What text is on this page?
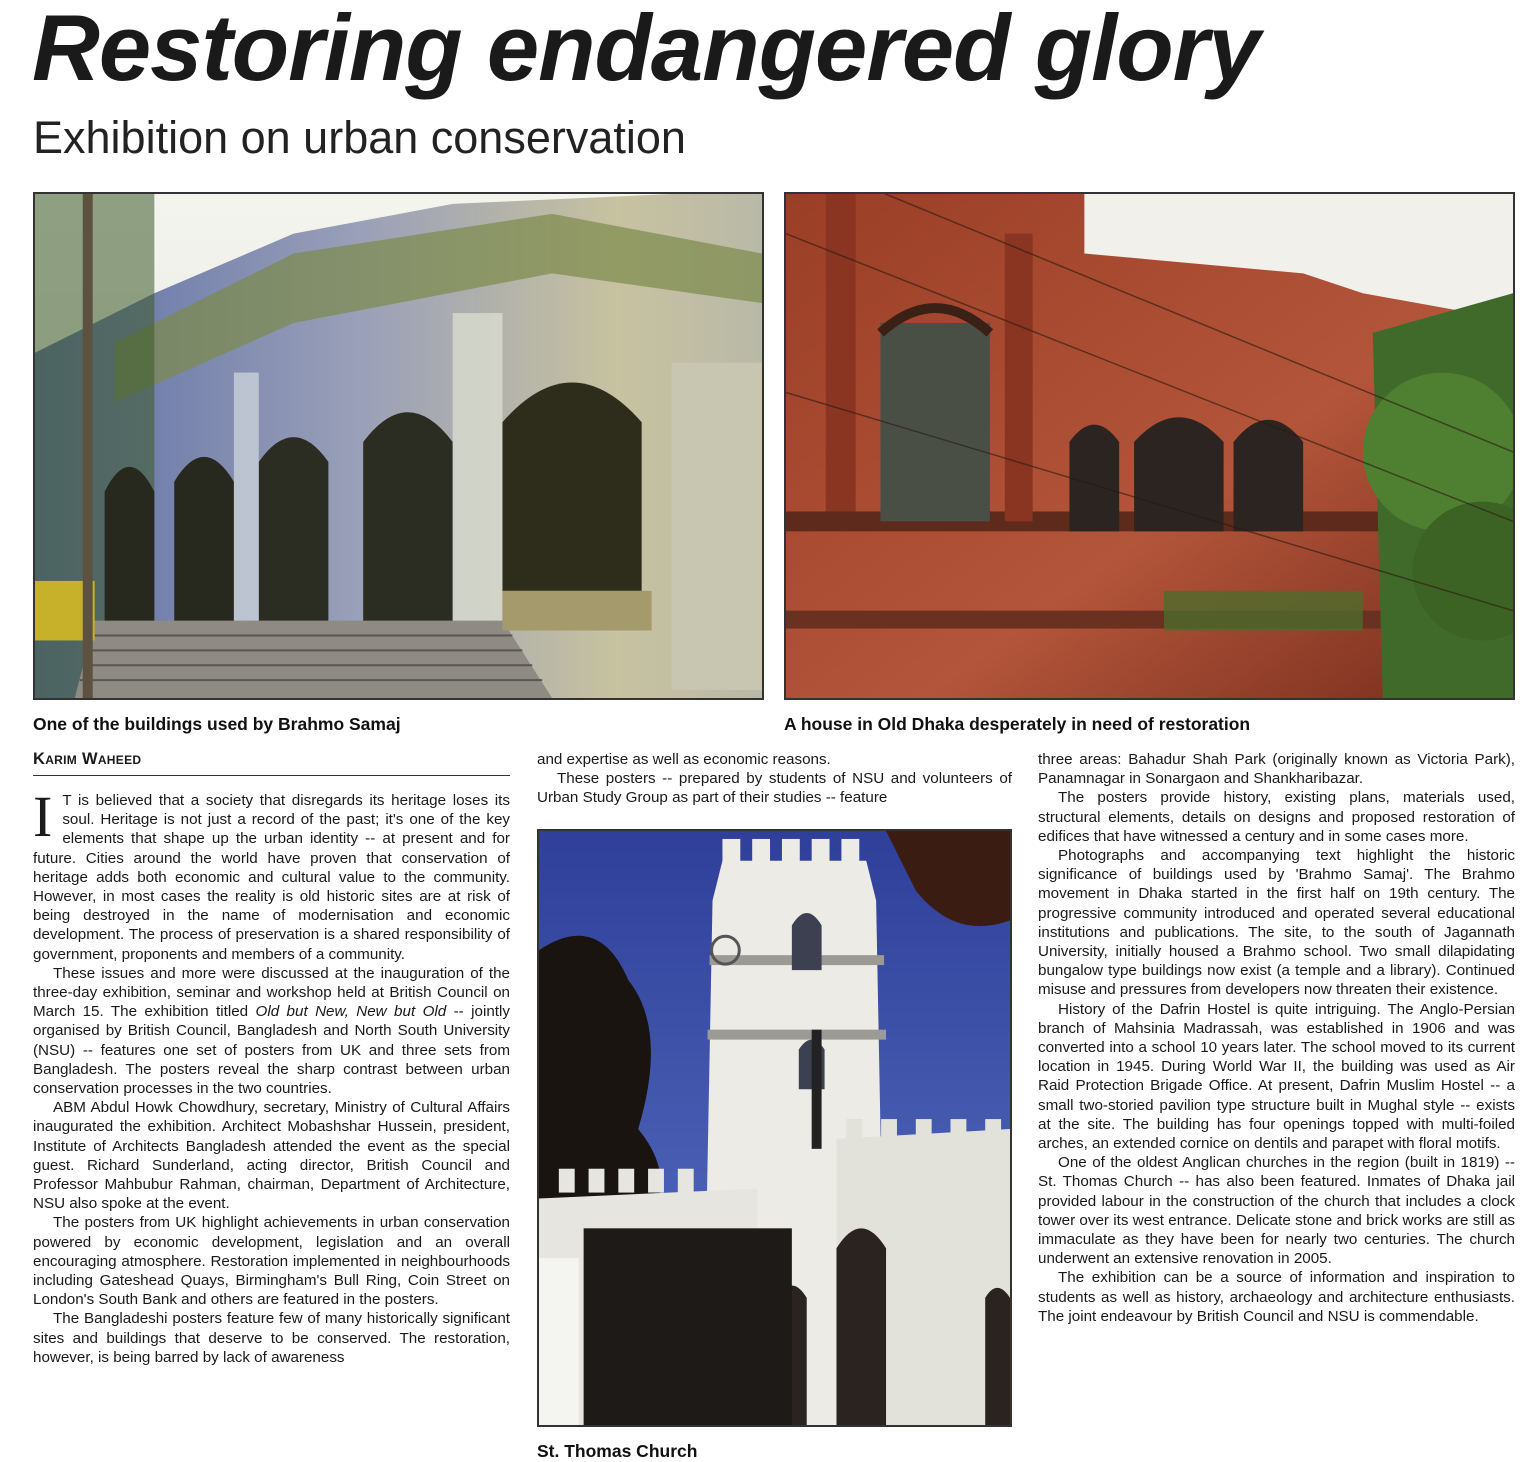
Restoring endangered glory
Exhibition on urban conservation
One of the buildings used by Brahmo Samaj	A house in Old Dhaka desperately in need of restoration
Karim Waheed

I T is believed that a society that disregards its heritage loses its soul. Heritage is not just a record of the past; it's one of the key elements that shape up the urban identity -- at present and for future. Cities around the world have proven that conservation of heritage adds both economic and cultural value to the community. However, in most cases the reality is old historic sites are at risk of being destroyed in the name of modernisation and economic development. The process of preservation is a shared responsibility of government, proponents and members of a community.

These issues and more were discussed at the inauguration of the three-day exhibition, seminar and workshop held at British Council on March 15. The exhibition titled Old but New, New but Old -- jointly organised by British Council, Bangladesh and North South University (NSU) -- features one set of posters from UK and three sets from Bangladesh. The posters reveal the sharp contrast between urban conservation processes in the two countries.

ABM Abdul Howk Chowdhury, secretary, Ministry of Cultural Affairs inaugurated the exhibition. Architect Mobashshar Hussein, president, Institute of Architects Bangladesh attended the event as the special guest. Richard Sunderland, acting director, British Council and Professor Mahbubur Rahman, chairman, Department of Architecture, NSU also spoke at the event.

The posters from UK highlight achievements in urban conservation powered by economic development, legislation and an overall encouraging atmosphere. Restoration implemented in neighbourhoods including Gateshead Quays, Birmingham's Bull Ring, Coin Street on London's South Bank and others are featured in the posters.

The Bangladeshi posters feature few of many historically significant sites and buildings that deserve to be conserved. The restoration, however, is being barred by lack of awareness

and expertise as well as economic reasons.

These posters -- prepared by students of NSU and volunteers of Urban Study Group as part of their studies -- feature

St. Thomas Church

three areas: Bahadur Shah Park (originally known as Victoria Park), Panamnagar in Sonargaon and Shankharibazar.

The posters provide history, existing plans, materials used, structural elements, details on designs and proposed restoration of edifices that have witnessed a century and in some cases more.

Photographs and accompanying text highlight the historic significance of buildings used by 'Brahmo Samaj'. The Brahmo movement in Dhaka started in the first half on 19th century. The progressive community introduced and operated several educational institutions and publications. The site, to the south of Jagannath University, initially housed a Brahmo school. Two small dilapidating bungalow type buildings now exist (a temple and a library). Continued misuse and pressures from developers now threaten their existence.

History of the Dafrin Hostel is quite intriguing. The Anglo-Persian branch of Mahsinia Madrassah, was established in 1906 and was converted into a school 10 years later. The school moved to its current location in 1945. During World War II, the building was used as Air Raid Protection Brigade Office. At present, Dafrin Muslim Hostel -- a small two-storied pavilion type structure built in Mughal style -- exists at the site. The building has four openings topped with multi-foiled arches, an extended cornice on dentils and parapet with floral motifs.

One of the oldest Anglican churches in the region (built in 1819) -- St. Thomas Church -- has also been featured. Inmates of Dhaka jail provided labour in the construction of the church that includes a clock tower over its west entrance. Delicate stone and brick works are still as immaculate as they have been for nearly two centuries. The church underwent an extensive renovation in 2005.

The exhibition can be a source of information and inspiration to students as well as history, archaeology and architecture enthusiasts. The joint endeavour by British Council and NSU is commendable.
